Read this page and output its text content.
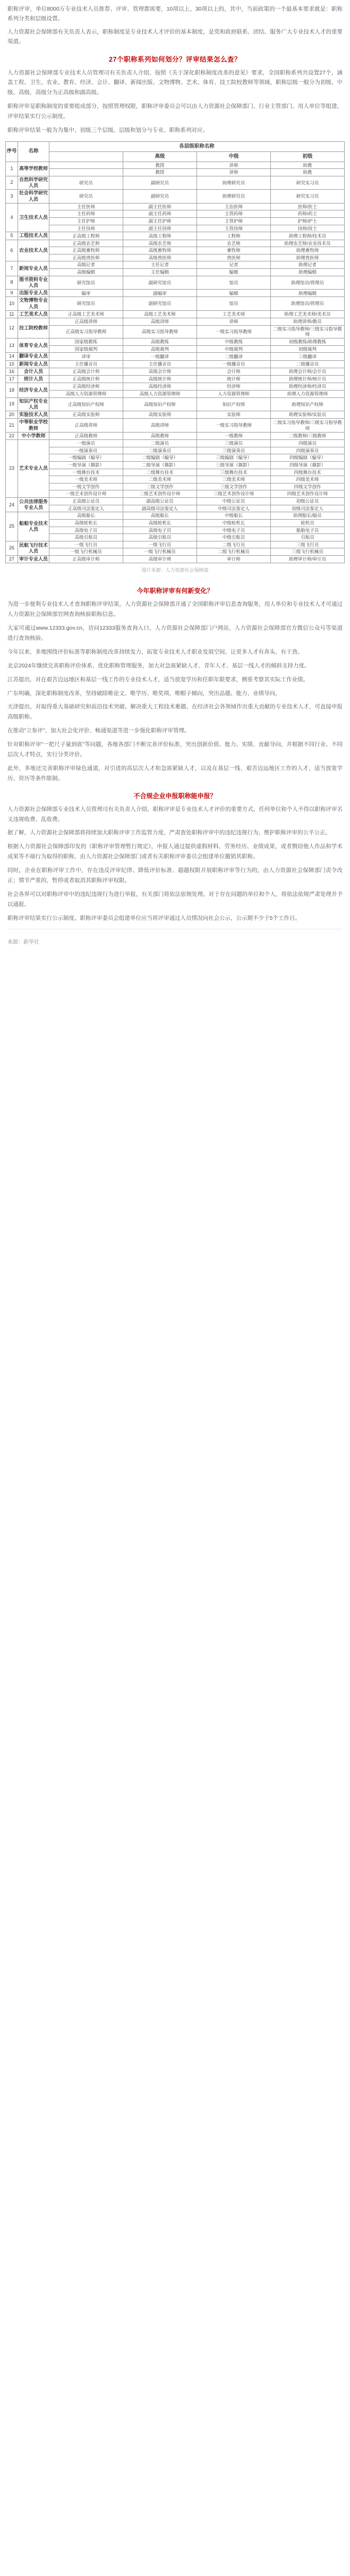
职称评审，单位8000万专业技术人员推荐、评审、管理都需要，10项以上、30项以上的，其中，当前政策的一个最基本要求就是：职称系列分类和层级设置。

人力资源社会保障部有关负责人表示，职称制度是专业技术人才评价的基本制度，是党和政府联系、团结、服务广大专业技术人才的重要渠道。

27个职称系列如何划分？评审结果怎么查？

人力资源社会保障部专业技术人员管理司有关负责人介绍，按照《关于深化职称制度改革的意见》要求，全国职称系列共设置27个，涵盖工程、卫生、农业、教育、经济、会计、翻译、新闻出版、文物博物、艺术、体育、技工院校教师等领域，职称层级一般分为初级、中级、高级，高级分为正高级和副高级。

职称评审是职称制度的重要组成部分，按照管理权限，职称评审委员会可以由人力资源社会保障部门、行业主管部门、用人单位等组建，评审结果实行公示制度。

职称评审结果一般为为集中、初级三个层级，层级和划分与专业、职称系列对应。

序号	名称	各层级职称名称			
			高级	中级	初级
1	高等学校教师		教授	讲师	助教
			教授	讲师	助教
2	自然科学研究人员	研究员	副研究员	助理研究员	研究实习员
3	社会科学研究人员	研究员	副研究员	助理研究员	研究实习员
4	卫生技术人员	主任医师	副主任医师	主治医师	医师/医士
		主任药师	副主任药师	主管药师	药师/药士
		主任护师	副主任护师	主管护师	护师/护士
		主任技师	副主任技师	主管技师	技师/技士
5	工程技术人员	正高级工程师	高级工程师	工程师	助理工程师/技术员
6	农业技术人员	正高级农艺师	高级农艺师	农艺师	助理农艺师/农业技术员
		正高级畜牧师	高级畜牧师	畜牧师	助理畜牧师
		正高级兽医师	高级兽医师	兽医师	助理兽医师
7	新闻专业人员	高级记者	主任记者	记者	助理记者
		高级编辑	主任编辑	编辑	助理编辑
8	图书资料专业人员	研究馆员	副研究馆员	馆员	助理馆员/管理员
9	出版专业人员	编审	副编审	编辑	助理编辑
10	文物博物专业人员	研究馆员	副研究馆员	馆员	助理馆员/管理员
11	工艺美术人员	正高级工艺美术师	高级工艺美术师	工艺美术师	助理工艺美术师/美术员
12	技工院校教师	正高级讲师	高级讲师	讲师	助理讲师/教员
		正高级实习指导教师	高级实习指导教师	一级实习指导教师	二级实习指导教师/三级实习指导教师
13	体育专业人员	国家级教练	高级教练	中级教练	初级教练/助理教练
		国家级裁判	高级裁判	中级裁判	初级裁判
14	翻译专业人员	译审	一级翻译	二级翻译	三级翻译
15	新闻专业人员	主任播音员	主任播音员	一级播音员	二级播音员
16	会计人员	正高级会计师	高级会计师	会计师	助理会计师/会计员
17	统计人员	正高级统计师	高级统计师	统计师	助理统计师/统计员
18	经济专业人员	正高级经济师	高级经济师	经济师	助理经济师/经济员
		高级人力资源管理师	高级人力资源管理师	人力资源管理师	助理人力资源管理师
19	知识产权专业人员	正高级知识产权师	高级知识产权师	知识产权师	助理知识产权师
20	实验技术人员	正高级实验师	高级实验师	实验师	助理实验师/实验员
21	中等职业学校教师	正高级讲师	高级讲师	一级实习指导教师	二级实习指导教师/三级实习指导教师
22	中小学教师	正高级教师	高级教师	一级教师	二级教师/三级教师
23	艺术专业人员	一级演员	二级演员	三级演员	四级演员
		一级演奏员	二级演奏员	三级演奏员	四级演奏员
		一级编剧（编导）	二级编剧（编导）	三级编剧（编导）	四级编剧（编导）
		一级导演（摄影）	二级导演（摄影）	三级导演（摄影）	四级导演（摄影）
		一级舞台技术	二级舞台技术	三级舞台技术	四级舞台技术
		一级美术师	二级美术师	三级美术师	四级美术师
		一级文学创作	二级文学创作	三级文学创作	四级文学创作
		一级艺术创作设计师	二级艺术创作设计师	三级艺术创作设计师	四级艺术创作设计师
24	公共法律服务专业人员	正高级公证员	副高级公证员	中级公证员	初级公证员
		正高级司法鉴定人	副高级司法鉴定人	中级司法鉴定人	初级司法鉴定人
25	船舶专业技术人员	高级船长	高级船长	中级船长	助理船长/船员
		高级轮机长	高级轮机长	中级轮机长	轮机员
		高级电子员	高级电子员	中级电子员	船舶电子员
		高级引航员	高级引航员	中级引航员	引航员
26	民航飞行技术人员	一级飞行员	一级飞行员	二级飞行员	三级飞行员
		一级飞行机械员	一级飞行机械员	二级飞行机械员	三级飞行机械员
27	审计专业人员	正高级审计师	高级审计师	审计师	助理审计师/审计员
图片来源：人力资源社会保障部
今年职称评审有何新变化？

为进一步便利专业技术人才查询职称评审结果，人力资源社会保障部开通了全国职称评审信息查询服务，用人单位和专业技术人才可通过人力资源社会保障部官网查询核验职称信息。

大家可通过www.12333.gov.cn，访问12333服务查询入口，人力资源社会保障部门户网站，人力资源社会保障部官方微信公众号等渠道进行查询核验。

今年以来，多地围绕评价标准等职称制度改革持续发力，拓宽专业技术人才职业发展空间，让更多人才有奔头、有干劲。

北京2024年继续完善职称评价体系，优化职称管理服务，加大对急需紧缺人才、青年人才、基层一线人才的倾斜支持力度。

江苏提出，对在艰苦边远地区和基层一线工作的专业技术人才，适当放宽学历和任职年限要求，侧重考察其实际工作业绩。

广东明确，深化职称制度改革，坚持破除唯论文、唯学历、唯奖项、唯帽子倾向，突出品德、能力、业绩导向。

天津提出，对取得重大基础研究和前沿技术突破、解决重大工程技术难题、在经济社会各领域作出重大贡献的专业技术人才，可直接申报高级职称。

在推动"立参评"、加大社会化评价、畅通渠道等进一步强化职称评审管理。

针对职称评审"一把尺子量到底"等问题，各地各部门不断完善评价标准，突出创新价值、能力、实绩、贡献导向，并根据不同行业、不同层次人才特点，实行分类评价。

此外，多地还完善职称评审绿色通道，对引进的高层次人才和急需紧缺人才，以及在基层一线、艰苦边远地区工作的人才，适当放宽学历、资历等条件限制。

不合规企业申报职称能申报？

人力资源社会保障部专业技术人员管理司有关负责人介绍，职称评审是专业技术人才评价的重要方式，任何单位和个人不得以职称评审名义违规收费、乱收费。

据了解，人力资源社会保障部将持续加大职称评审工作监管力度，严肃查处职称评审中的违纪违规行为，维护职称评审的公平公正。

根据人力资源社会保障部印发的《职称评审管理暂行规定》，申报人通过提供虚假材料、劳务经历、业绩成果，或者剽窃他人作品和学术成果等不端行为取得的职称，由人力资源社会保障部门或者有关职称评审委员会组建单位撤销其职称。

同时，企业在职称评审工作中，存在违反评审纪律、降低评价标准、超越权限开展职称评审等行为的，由人力资源社会保障部门责令改正；情节严重的，暂停或者取消其职称评审权限。

社会各界可以对职称评审中的违纪违规行为进行举报，有关部门将依法依规处理。对于存在问题的单位和个人，将依法依规严肃处理并予以通报。

职称评审结果实行公示制度。职称评审委员会组建单位应当将评审通过人员情况向社会公示，公示期不少于5个工作日。

来源：新华社
